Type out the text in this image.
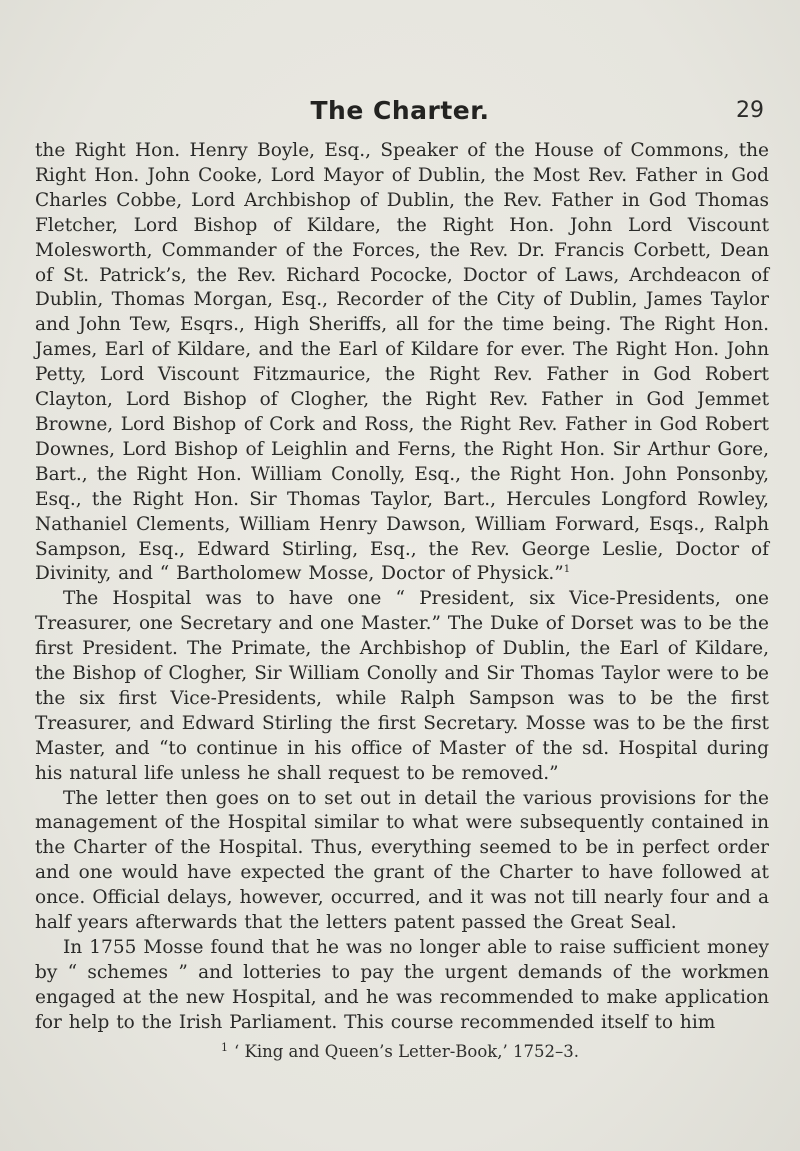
The Charter.	29

the Right Hon. Henry Boyle, Esq., Speaker of the House of Commons, the Right Hon. John Cooke, Lord Mayor of Dublin, the Most Rev. Father in God Charles Cobbe, Lord Archbishop of Dublin, the Rev. Father in God Thomas Fletcher, Lord Bishop of Kildare, the Right Hon. John Lord Viscount Molesworth, Commander of the Forces, the Rev. Dr. Francis Corbett, Dean of St. Patrick’s, the Rev. Richard Pococke, Doctor of Laws, Archdeacon of Dublin, Thomas Morgan, Esq., Recorder of the City of Dublin, James Taylor and John Tew, Esqrs., High Sheriffs, all for the time being. The Right Hon. James, Earl of Kildare, and the Earl of Kildare for ever. The Right Hon. John Petty, Lord Viscount Fitzmaurice, the Right Rev. Father in God Robert Clayton, Lord Bishop of Clogher, the Right Rev. Father in God Jemmet Browne, Lord Bishop of Cork and Ross, the Right Rev. Father in God Robert Downes, Lord Bishop of Leighlin and Ferns, the Right Hon. Sir Arthur Gore, Bart., the Right Hon. William Conolly, Esq., the Right Hon. John Ponsonby, Esq., the Right Hon. Sir Thomas Taylor, Bart., Hercules Longford Rowley, Nathaniel Clements, William Henry Dawson, William Forward, Esqs., Ralph Sampson, Esq., Edward Stirling, Esq., the Rev. George Leslie, Doctor of Divinity, and “ Bartholomew Mosse, Doctor of Physick.”$^1$

The Hospital was to have one “ President, six Vice-Presidents, one Treasurer, one Secretary and one Master.” The Duke of Dorset was to be the first President. The Primate, the Archbishop of Dublin, the Earl of Kildare, the Bishop of Clogher, Sir William Conolly and Sir Thomas Taylor were to be the six first Vice-Presidents, while Ralph Sampson was to be the first Treasurer, and Edward Stirling the first Secretary. Mosse was to be the first Master, and “to continue in his office of Master of the sd. Hospital during his natural life unless he shall request to be removed.”

The letter then goes on to set out in detail the various provisions for the management of the Hospital similar to what were subsequently contained in the Charter of the Hospital. Thus, everything seemed to be in perfect order and one would have expected the grant of the Charter to have followed at once. Official delays, however, occurred, and it was not till nearly four and a half years afterwards that the letters patent passed the Great Seal.

In 1755 Mosse found that he was no longer able to raise sufficient money by “ schemes ” and lotteries to pay the urgent demands of the workmen engaged at the new Hospital, and he was recommended to make application for help to the Irish Parliament. This course recommended itself to him

$^1$ ‘ King and Queen’s Letter-Book,’ 1752–3.
